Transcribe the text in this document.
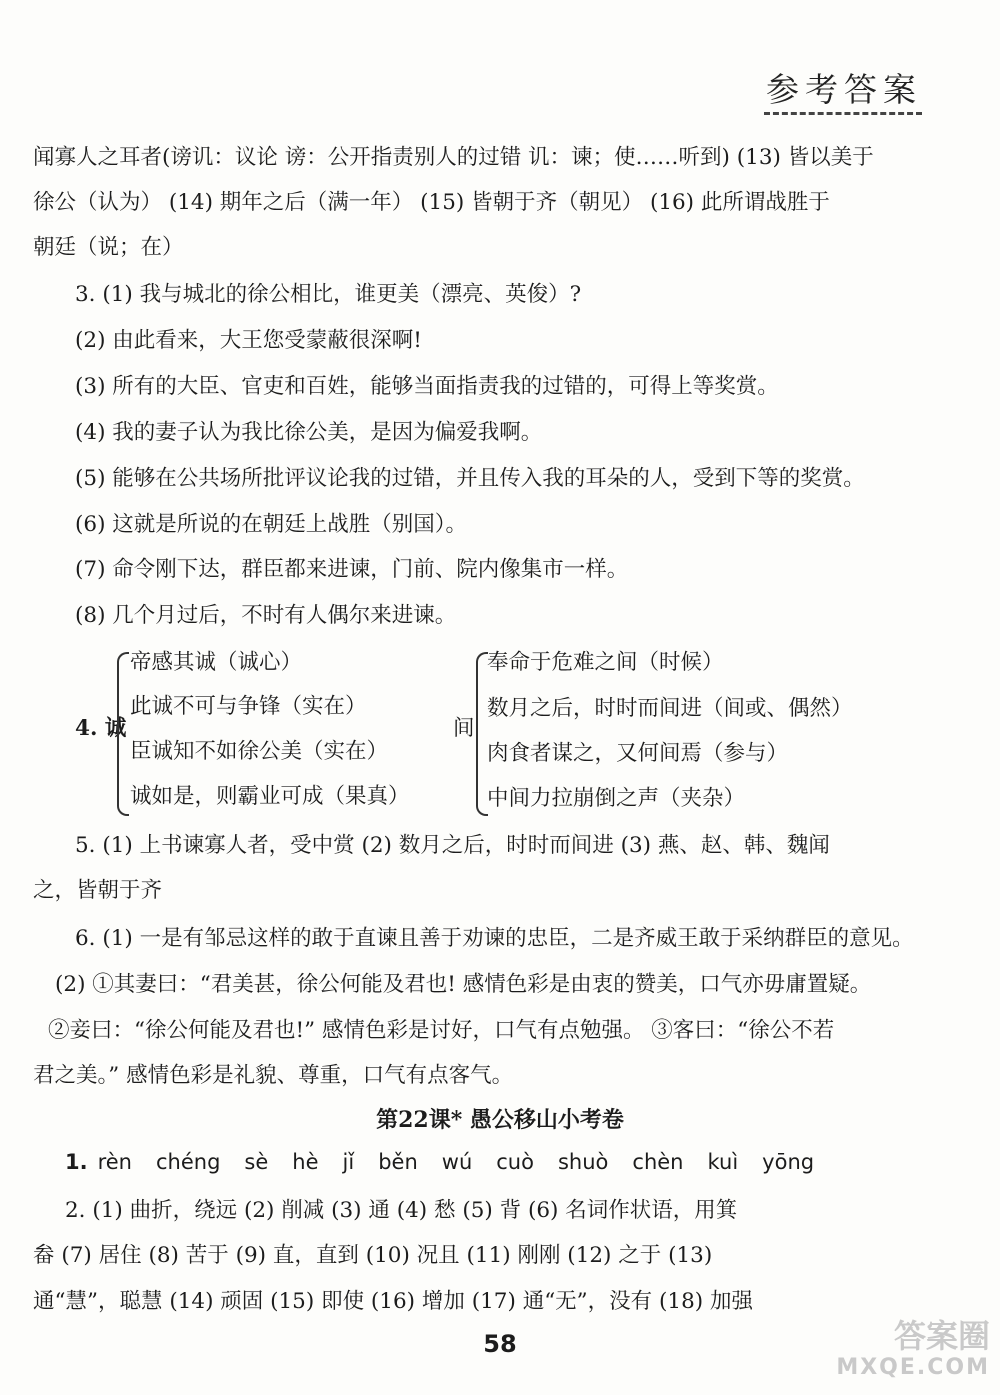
参考答案
闻寡人之耳者(谤讥：议论 谤：公开指责别人的过错 讥：谏；使……听到) (13) 皆以美于
徐公（认为） (14) 期年之后（满一年） (15) 皆朝于齐（朝见） (16) 此所谓战胜于
朝廷（说；在）
3. (1) 我与城北的徐公相比，谁更美（漂亮、英俊）?
(2) 由此看来，大王您受蒙蔽很深啊!
(3) 所有的大臣、官吏和百姓，能够当面指责我的过错的，可得上等奖赏。
(4) 我的妻子认为我比徐公美，是因为偏爱我啊。
(5) 能够在公共场所批评议论我的过错，并且传入我的耳朵的人，受到下等的奖赏。
(6) 这就是所说的在朝廷上战胜（别国）。
(7) 命令刚下达，群臣都来进谏，门前、院内像集市一样。
(8) 几个月过后，不时有人偶尔来进谏。
4. 诚
帝感其诚（诚心）
此诚不可与争锋（实在）
臣诚知不如徐公美（实在）
诚如是，则霸业可成（果真）
间
奉命于危难之间（时候）
数月之后，时时而间进（间或、偶然）
肉食者谋之，又何间焉（参与）
中间力拉崩倒之声（夹杂）
5. (1) 上书谏寡人者，受中赏 (2) 数月之后，时时而间进 (3) 燕、赵、韩、魏闻
之，皆朝于齐
6. (1) 一是有邹忌这样的敢于直谏且善于劝谏的忠臣，二是齐威王敢于采纳群臣的意见。
(2) ①其妻曰：“君美甚，徐公何能及君也! 感情色彩是由衷的赞美，口气亦毋庸置疑。
②妾曰：“徐公何能及君也!” 感情色彩是讨好，口气有点勉强。 ③客曰：“徐公不若
君之美。” 感情色彩是礼貌、尊重，口气有点客气。
第22课* 愚公移山小考卷
1. rèn chéng sè hè jǐ běn wú cuò shuò chèn kuì yōng
2. (1) 曲折，绕远 (2) 削减 (3) 通 (4) 愁 (5) 背 (6) 名词作状语，用箕
畚 (7) 居住 (8) 苦于 (9) 直，直到 (10) 况且 (11) 刚刚 (12) 之于 (13)
通“慧”，聪慧 (14) 顽固 (15) 即使 (16) 增加 (17) 通“无”，没有 (18) 加强
58	答案圈
MXQE.COM
